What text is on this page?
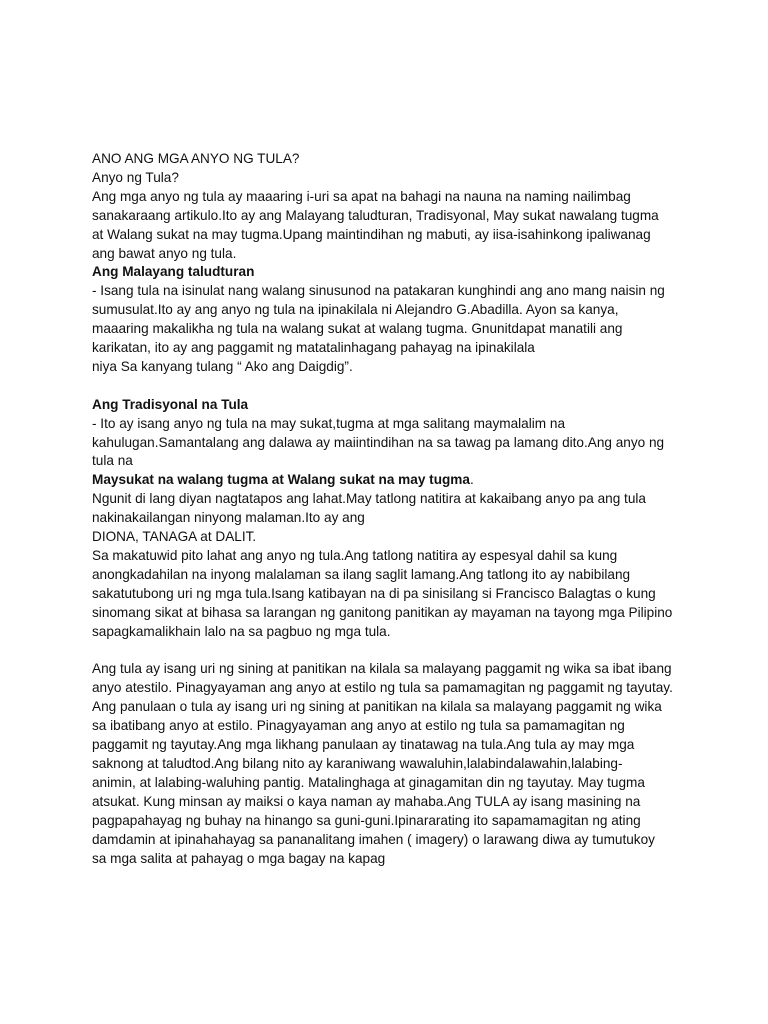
ANO ANG MGA ANYO NG TULA?
Anyo ng Tula?
Ang mga anyo ng tula ay maaaring i-uri sa apat na bahagi na nauna na naming nailimbag
sanakaraang artikulo.Ito ay ang Malayang taludturan, Tradisyonal, May sukat nawalang tugma
at Walang sukat na may tugma.Upang maintindihan ng mabuti, ay iisa-isahinkong ipaliwanag
ang bawat anyo ng tula.
Ang Malayang taludturan
- Isang tula na isinulat nang walang sinusunod na patakaran kunghindi ang ano mang naisin ng
sumusulat.Ito ay ang anyo ng tula na ipinakilala ni Alejandro G.Abadilla. Ayon sa kanya,
maaaring makalikha ng tula na walang sukat at walang tugma. Gnunitdapat manatili ang
karikatan, ito ay ang paggamit ng matatalinhagang pahayag na ipinakilala
niya Sa kanyang tulang “ Ako ang Daigdig”.
Ang Tradisyonal na Tula
- Ito ay isang anyo ng tula na may sukat,tugma at mga salitang maymalalim na
kahulugan.Samantalang ang dalawa ay maiintindihan na sa tawag pa lamang dito.Ang anyo ng
tula na
Maysukat na walang tugma at Walang sukat na may tugma.
Ngunit di lang diyan nagtatapos ang lahat.May tatlong natitira at kakaibang anyo pa ang tula
nakinakailangan ninyong malaman.Ito ay ang
DIONA, TANAGA at DALIT.
Sa makatuwid pito lahat ang anyo ng tula.Ang tatlong natitira ay espesyal dahil sa kung
anongkadahilan na inyong malalaman sa ilang saglit lamang.Ang tatlong ito ay nabibilang
sakatutubong uri ng mga tula.Isang katibayan na di pa sinisilang si Francisco Balagtas o kung
sinomang sikat at bihasa sa larangan ng ganitong panitikan ay mayaman na tayong mga Pilipino
sapagkamalikhain lalo na sa pagbuo ng mga tula.
Ang tula ay isang uri ng sining at panitikan na kilala sa malayang paggamit ng wika sa ibat ibang
anyo atestilo. Pinagyayaman ang anyo at estilo ng tula sa pamamagitan ng paggamit ng tayutay.
Ang panulaan o tula ay isang uri ng sining at panitikan na kilala sa malayang paggamit ng wika
sa ibatibang anyo at estilo. Pinagyayaman ang anyo at estilo ng tula sa pamamagitan ng
paggamit ng tayutay.Ang mga likhang panulaan ay tinatawag na tula.Ang tula ay may mga
saknong at taludtod.Ang bilang nito ay karaniwang wawaluhin,lalabindalawahin,lalabing-
animin, at lalabing-waluhing pantig. Matalinghaga at ginagamitan din ng tayutay. May tugma
atsukat. Kung minsan ay maiksi o kaya naman ay mahaba.Ang TULA ay isang masining na
pagpapahayag ng buhay na hinango sa guni-guni.Ipinararating ito sapamamagitan ng ating
damdamin at ipinahahayag sa pananalitang imahen ( imagery) o larawang diwa ay tumutukoy
sa mga salita at pahayag o mga bagay na kapag
